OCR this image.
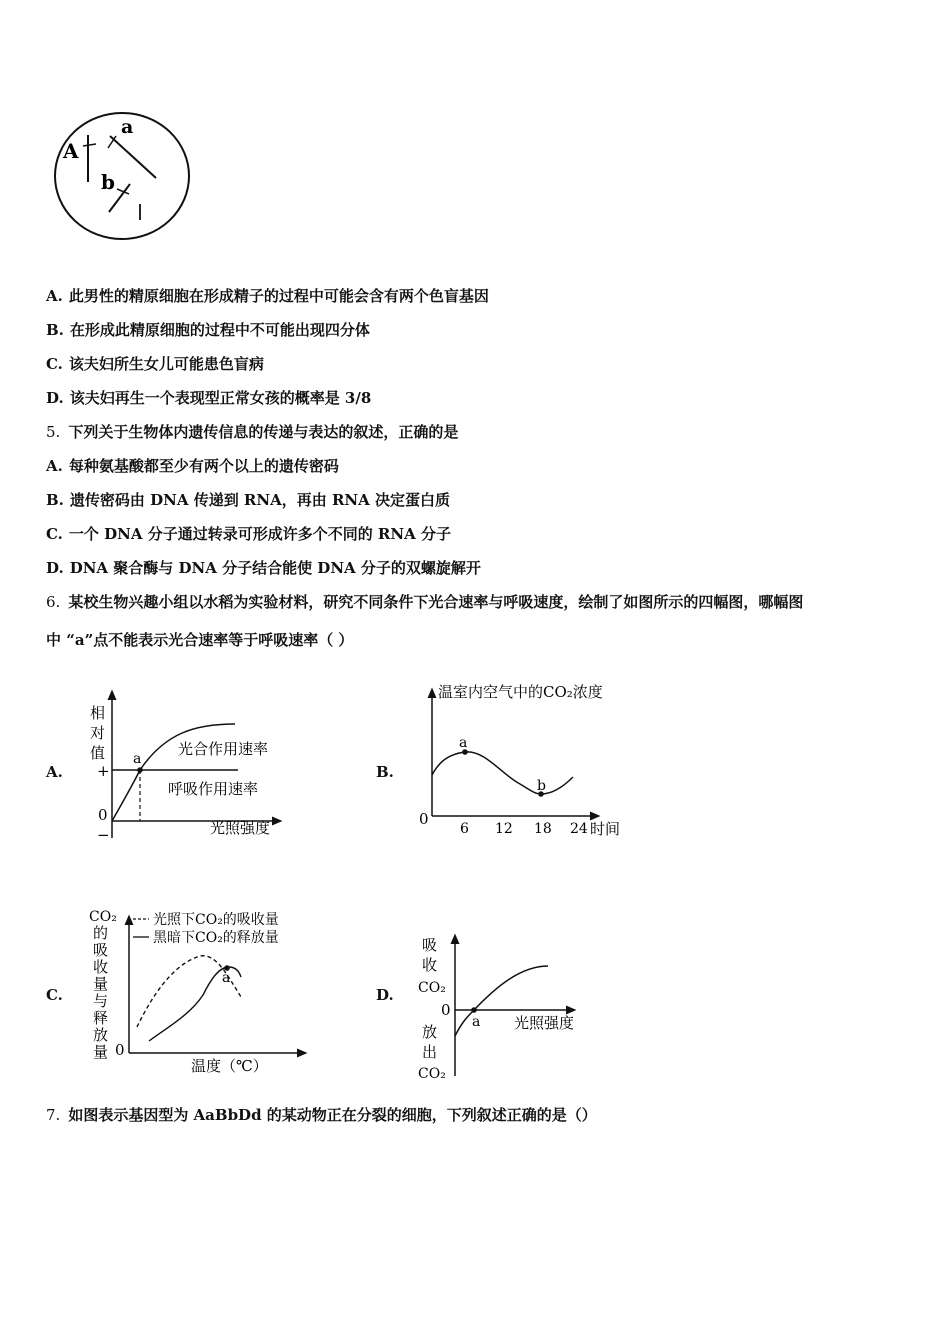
A
a
b
A. 此男性的精原细胞在形成精子的过程中可能会含有两个色盲基因
B. 在形成此精原细胞的过程中不可能出现四分体
C. 该夫妇所生女儿可能患色盲病
D. 该夫妇再生一个表现型正常女孩的概率是 3/8
5. 下列关于生物体内遗传信息的传递与表达的叙述，正确的是
A. 每种氨基酸都至少有两个以上的遗传密码
B. 遗传密码由 DNA 传递到 RNA，再由 RNA 决定蛋白质
C. 一个 DNA 分子通过转录可形成许多个不同的 RNA 分子
D. DNA 聚合酶与 DNA 分子结合能使 DNA 分子的双螺旋解开
6. 某校生物兴趣小组以水稻为实验材料，研究不同条件下光合速率与呼吸速度，绘制了如图所示的四幅图，哪幅图
中 “a”点不能表示光合速率等于呼吸速率（ ）
A.
相
对
值
+
0
−
a
光合作用速率
呼吸作用速率
光照强度
B.
温室内空气中的CO₂浓度
0
6 12 18 24 时间
a
b
C.
CO₂
的
吸
收
量
与
释
放
量 0
光照下CO₂的吸收量
黑暗下CO₂的释放量
a
温度（℃）
D.
吸
收
CO₂
0
放
出
CO₂
a 光照强度
7. 如图表示基因型为 AaBbDd 的某动物正在分裂的细胞，下列叙述正确的是（）
